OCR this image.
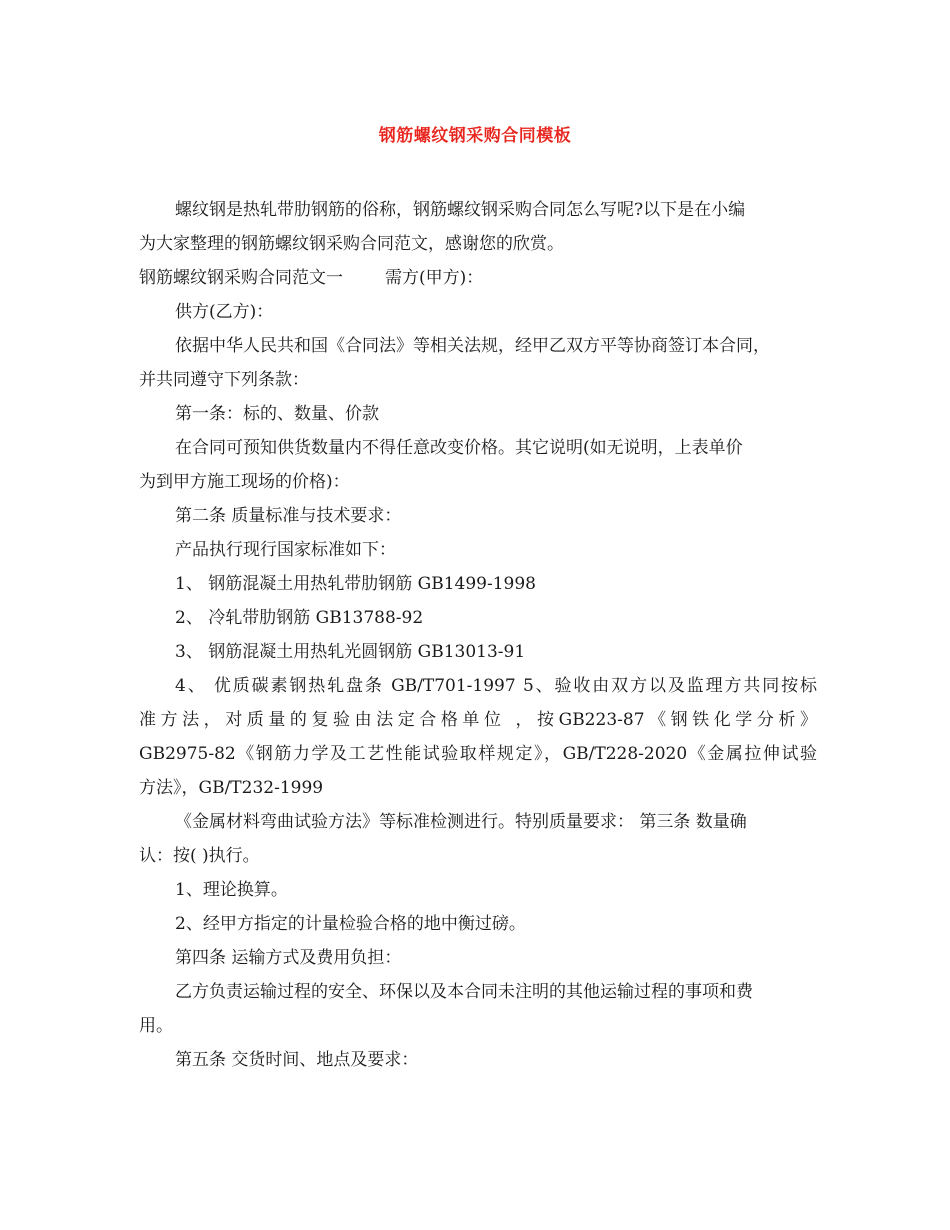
钢筋螺纹钢采购合同模板
螺纹钢是热轧带肋钢筋的俗称，钢筋螺纹钢采购合同怎么写呢?以下是在小编
为大家整理的钢筋螺纹钢采购合同范文，感谢您的欣赏。
钢筋螺纹钢采购合同范文一 需方(甲方)：
供方(乙方)：
依据中华人民共和国《合同法》等相关法规，经甲乙双方平等协商签订本合同，
并共同遵守下列条款：
第一条：标的、数量、价款
在合同可预知供货数量内不得任意改变价格。其它说明(如无说明，上表单价
为到甲方施工现场的价格)：
第二条 质量标准与技术要求：
产品执行现行国家标准如下：
1、 钢筋混凝土用热轧带肋钢筋 GB1499-1998
2、 冷轧带肋钢筋 GB13788-92
3、 钢筋混凝土用热轧光圆钢筋 GB13013-91
4、 优质碳素钢热轧盘条 GB/T701-1997 5、验收由双方以及监理方共同按标
准方法，对质量的复验由法定合格单位 ，按GB223-87《钢铁化学分析》
GB2975-82《钢筋力学及工艺性能试验取样规定》，GB/T228-2020《金属拉伸试验
方法》，GB/T232-1999
《金属材料弯曲试验方法》等标准检测进行。特别质量要求： 第三条 数量确
认：按( )执行。
1、理论换算。
2、经甲方指定的计量检验合格的地中衡过磅。
第四条 运输方式及费用负担：
乙方负责运输过程的安全、环保以及本合同未注明的其他运输过程的事项和费
用。
第五条 交货时间、地点及要求：
